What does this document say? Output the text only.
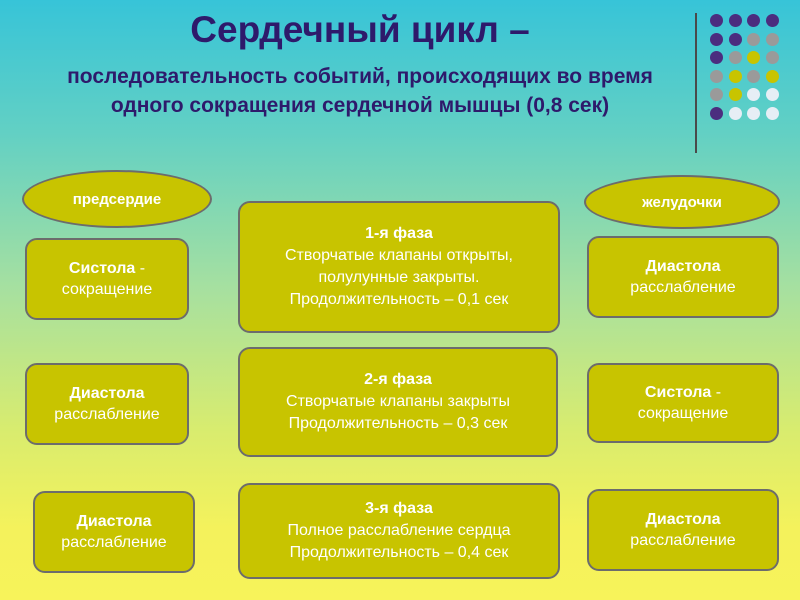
Сердечный цикл –
последовательность событий, происходящих во время одного сокращения сердечной мышцы (0,8 сек)
предсердие	желудочки
Систола -
сокращение
Диастола
расслабление
Диастола
расслабление
1-я фаза
Створчатые клапаны открыты,
полулунные закрыты.
Продолжительность – 0,1 сек
2-я фаза
Створчатые клапаны закрыты
Продолжительность – 0,3 сек
3-я фаза
Полное расслабление сердца
Продолжительность – 0,4 сек
Диастола
расслабление
Систола -
сокращение
Диастола
расслабление
